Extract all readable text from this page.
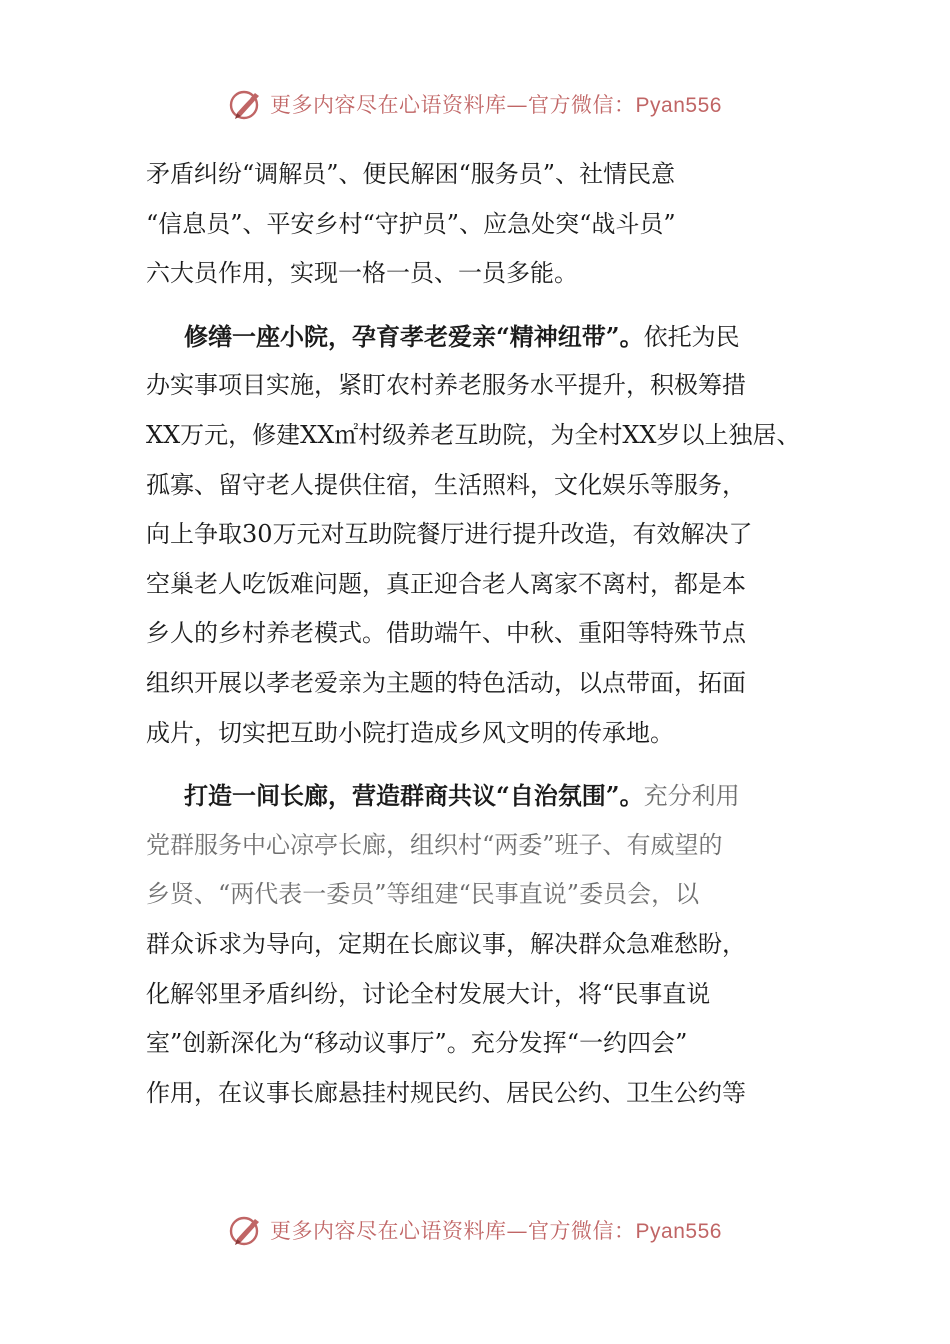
更多内容尽在心语资料库—官方微信：Pyan556
矛盾纠纷“调解员”、便民解困“服务员”、社情民意
“信息员”、平安乡村“守护员”、应急处突“战斗员”
六大员作用，实现一格一员、一员多能。
修缮一座小院，孕育孝老爱亲“精神纽带”。依托为民
办实事项目实施，紧盯农村养老服务水平提升，积极筹措
XX万元，修建XX㎡村级养老互助院，为全村XX岁以上独居、
孤寡、留守老人提供住宿，生活照料，文化娱乐等服务，
向上争取30万元对互助院餐厅进行提升改造，有效解决了
空巢老人吃饭难问题，真正迎合老人离家不离村，都是本
乡人的乡村养老模式。借助端午、中秋、重阳等特殊节点
组织开展以孝老爱亲为主题的特色活动，以点带面，拓面
成片，切实把互助小院打造成乡风文明的传承地。
打造一间长廊，营造群商共议“自治氛围”。充分利用
党群服务中心凉亭长廊，组织村“两委”班子、有威望的
乡贤、“两代表一委员”等组建“民事直说”委员会，以
群众诉求为导向，定期在长廊议事，解决群众急难愁盼，
化解邻里矛盾纠纷，讨论全村发展大计，将“民事直说
室”创新深化为“移动议事厅”。充分发挥“一约四会”
作用，在议事长廊悬挂村规民约、居民公约、卫生公约等
更多内容尽在心语资料库—官方微信：Pyan556
